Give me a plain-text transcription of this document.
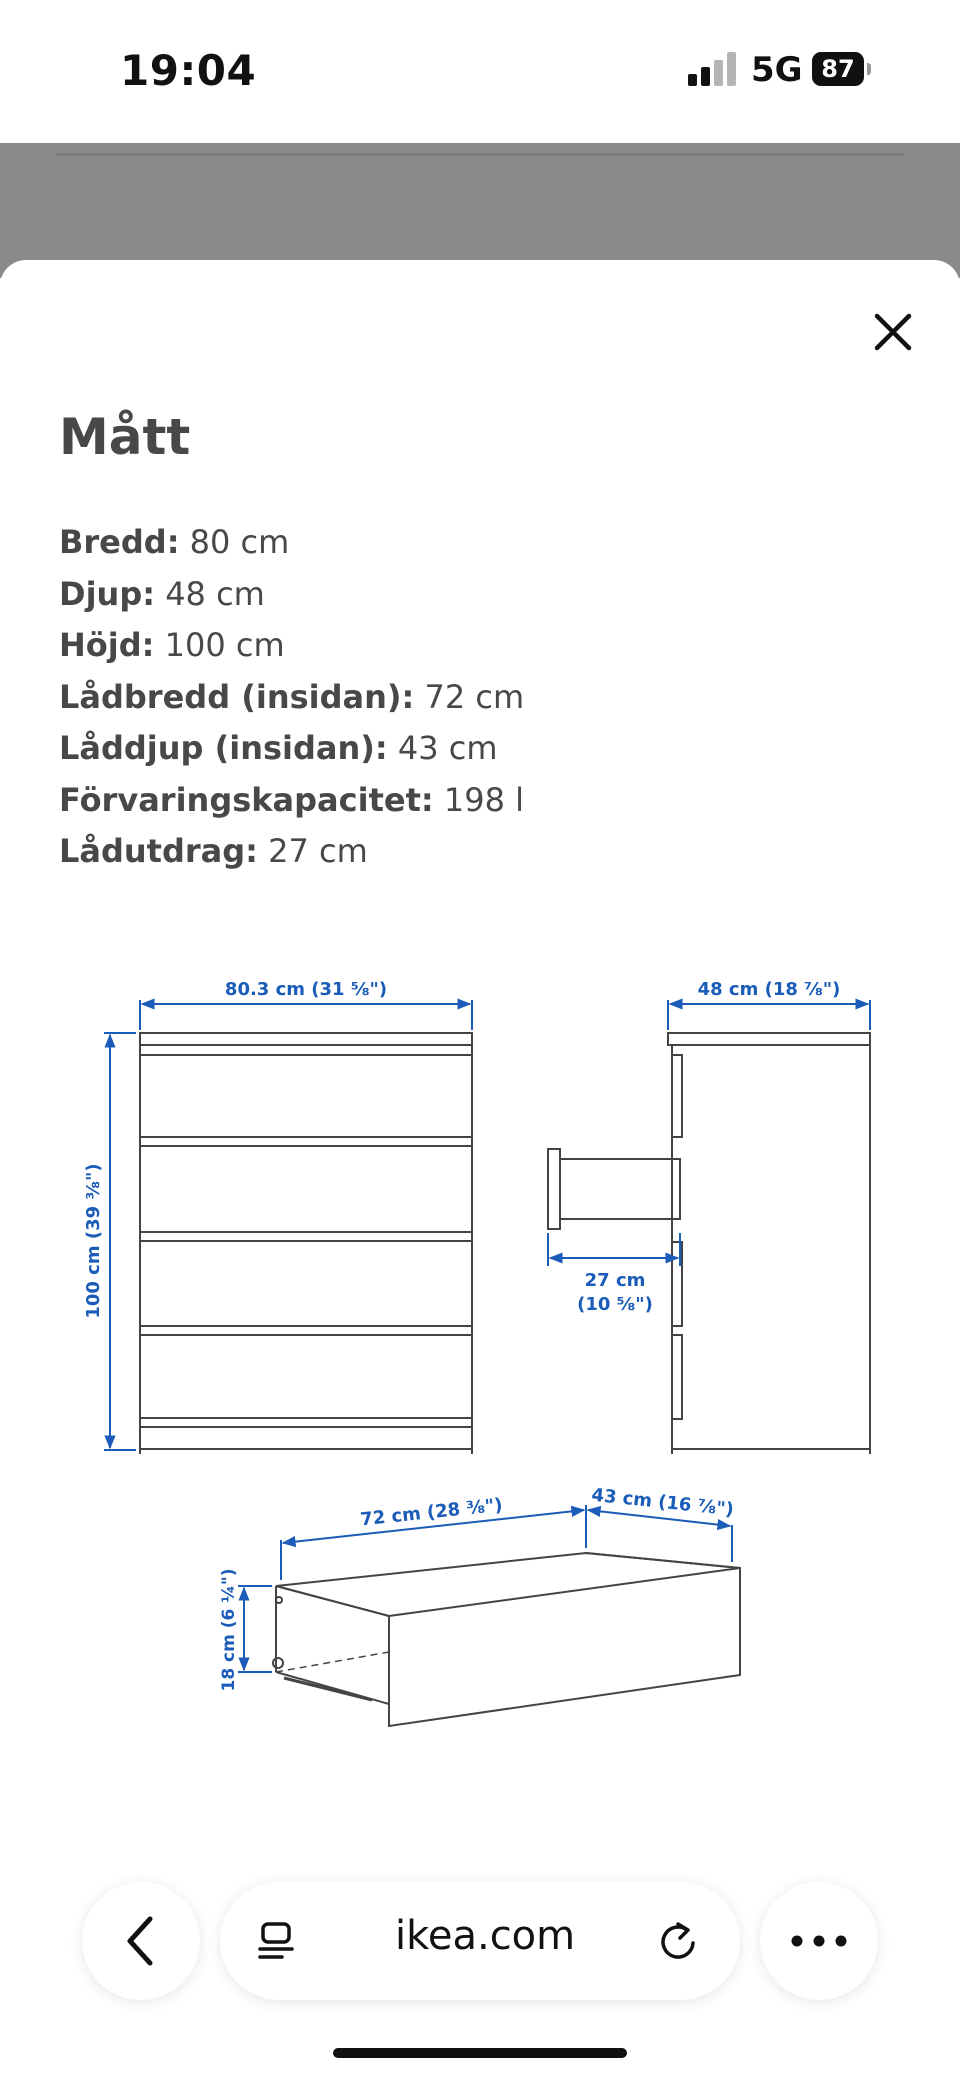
19:04	5G 87
Mått
Bredd: 80 cm
Djup: 48 cm
Höjd: 100 cm
Lådbredd (insidan): 72 cm
Låddjup (insidan): 43 cm
Förvaringskapacitet: 198 l
Lådutdrag: 27 cm
80.3 cm (31 ⅝")
100 cm (39 ⅜")
48 cm (18 ⅞")
27 cm
(10 ⅝")
72 cm (28 ⅜")	43 cm (16 ⅞")
18 cm (6 ¼")
ikea.com
